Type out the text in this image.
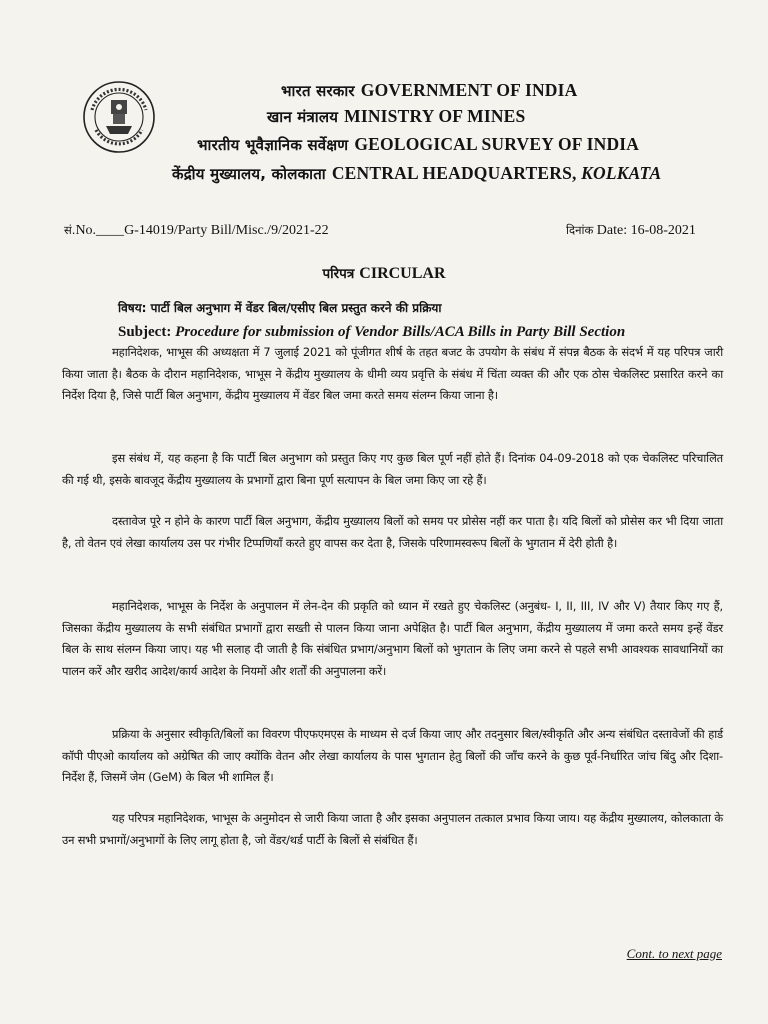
भारत सरकार GOVERNMENT OF INDIA
खान मंत्रालय MINISTRY OF MINES
भारतीय भूवैज्ञानिक सर्वेक्षण GEOLOGICAL SURVEY OF INDIA
केंद्रीय मुख्यालय, कोलकाता CENTRAL HEADQUARTERS, KOLKATA
सं.No.____G-14019/Party Bill/Misc./9/2021-22	दिनांक Date: 16-08-2021
परिपत्र CIRCULAR
विषय: पार्टी बिल अनुभाग में वेंडर बिल/एसीए बिल प्रस्तुत करने की प्रक्रिया
Subject: Procedure for submission of Vendor Bills/ACA Bills in Party Bill Section

महानिदेशक, भाभूस की अध्यक्षता में 7 जुलाई 2021 को पूंजीगत शीर्ष के तहत बजट के उपयोग के संबंध में संपन्न बैठक के संदर्भ में यह परिपत्र जारी किया जाता है। बैठक के दौरान महानिदेशक, भाभूस ने केंद्रीय मुख्यालय के धीमी व्यय प्रवृत्ति के संबंध में चिंता व्यक्त की और एक ठोस चेकलिस्ट प्रसारित करने का निर्देश दिया है, जिसे पार्टी बिल अनुभाग, केंद्रीय मुख्यालय में वेंडर बिल जमा करते समय संलग्न किया जाना है।

इस संबंध में, यह कहना है कि पार्टी बिल अनुभाग को प्रस्तुत किए गए कुछ बिल पूर्ण नहीं होते हैं। दिनांक 04-09-2018 को एक चेकलिस्ट परिचालित की गई थी, इसके बावजूद केंद्रीय मुख्यालय के प्रभागों द्वारा बिना पूर्ण सत्यापन के बिल जमा किए जा रहे हैं।

दस्तावेज पूरे न होने के कारण पार्टी बिल अनुभाग, केंद्रीय मुख्यालय बिलों को समय पर प्रोसेस नहीं कर पाता है। यदि बिलों को प्रोसेस कर भी दिया जाता है, तो वेतन एवं लेखा कार्यालय उस पर गंभीर टिप्पणियाँ करते हुए वापस कर देता है, जिसके परिणामस्वरूप बिलों के भुगतान में देरी होती है।

महानिदेशक, भाभूस के निर्देश के अनुपालन में लेन-देन की प्रकृति को ध्यान में रखते हुए चेकलिस्ट (अनुबंध- I, II, III, IV और V) तैयार किए गए हैं, जिसका केंद्रीय मुख्यालय के सभी संबंधित प्रभागों द्वारा सख्ती से पालन किया जाना अपेक्षित है। पार्टी बिल अनुभाग, केंद्रीय मुख्यालय में जमा करते समय इन्हें वेंडर बिल के साथ संलग्न किया जाए। यह भी सलाह दी जाती है कि संबंधित प्रभाग/अनुभाग बिलों को भुगतान के लिए जमा करने से पहले सभी आवश्यक सावधानियों का पालन करें और खरीद आदेश/कार्य आदेश के नियमों और शर्तों की अनुपालना करें।

प्रक्रिया के अनुसार स्वीकृति/बिलों का विवरण पीएफएमएस के माध्यम से दर्ज किया जाए और तदनुसार बिल/स्वीकृति और अन्य संबंधित दस्तावेजों की हार्ड कॉपी पीएओ कार्यालय को अग्रेषित की जाए क्योंकि वेतन और लेखा कार्यालय के पास भुगतान हेतु बिलों की जाँच करने के कुछ पूर्व-निर्धारित जांच बिंदु और दिशा-निर्देश हैं, जिसमें जेम (GeM) के बिल भी शामिल हैं।

यह परिपत्र महानिदेशक, भाभूस के अनुमोदन से जारी किया जाता है और इसका अनुपालन तत्काल प्रभाव किया जाय। यह केंद्रीय मुख्यालय, कोलकाता के उन सभी प्रभागों/अनुभागों के लिए लागू होता है, जो वेंडर/थर्ड पार्टी के बिलों से संबंधित हैं।

Cont. to next page
